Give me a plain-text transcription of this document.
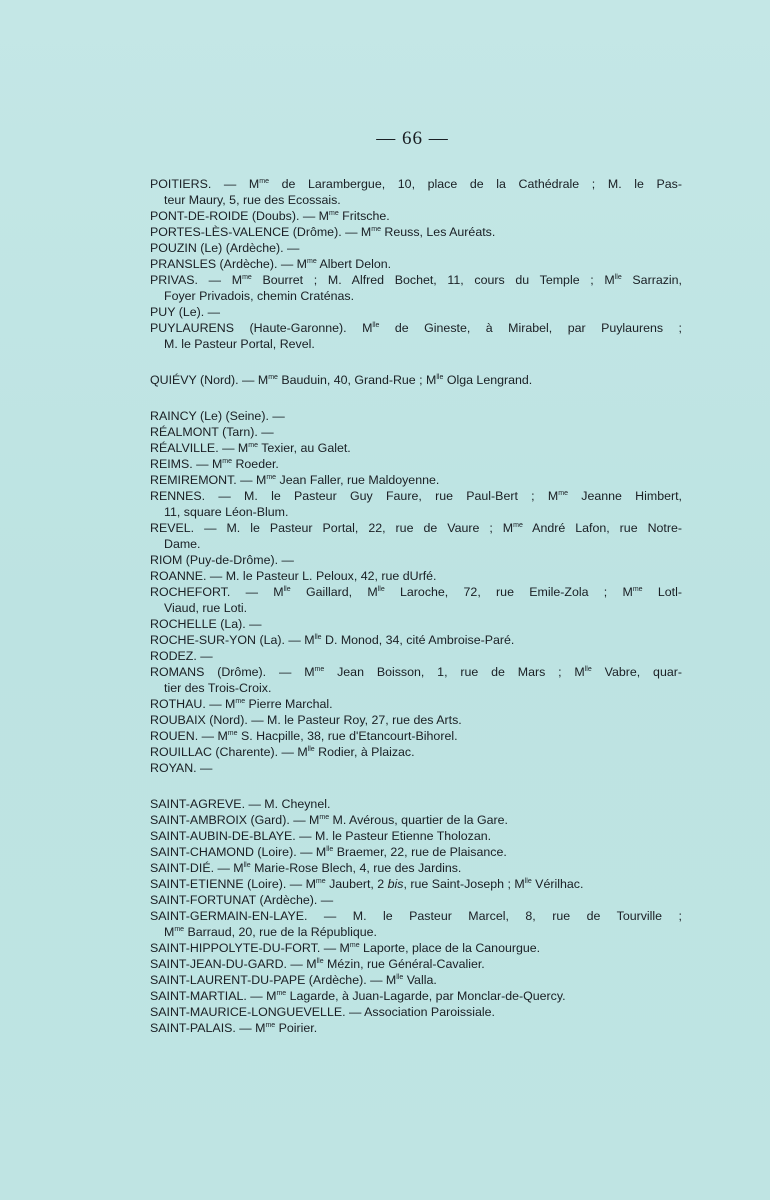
— 66 —
POITIERS. — $M^{me}$ de Larambergue, 10, place de la Cathédrale ; M. le Pas-
teur Maury, 5, rue des Ecossais.
PONT-DE-ROIDE (Doubs). — $M^{me}$ Fritsche.
PORTES-LÈS-VALENCE (Drôme). — $M^{me}$ Reuss, Les Auréats.
POUZIN (Le) (Ardèche). —
PRANSLES (Ardèche). — $M^{me}$ Albert Delon.
PRIVAS. — $M^{me}$ Bourret ; M. Alfred Bochet, 11, cours du Temple ; $M^{lle}$ Sarrazin,
Foyer Privadois, chemin Craténas.
PUY (Le). —
PUYLAURENS (Haute-Garonne). $M^{lle}$ de Gineste, à Mirabel, par Puylaurens ;
M. le Pasteur Portal, Revel.
QUIÉVY (Nord). — $M^{me}$ Bauduin, 40, Grand-Rue ; $M^{lle}$ Olga Lengrand.
RAINCY (Le) (Seine). —
RÉALMONT (Tarn). —
RÉALVILLE. — $M^{me}$ Texier, au Galet.
REIMS. — $M^{me}$ Roeder.
REMIREMONT. — $M^{me}$ Jean Faller, rue Maldoyenne.
RENNES. — M. le Pasteur Guy Faure, rue Paul-Bert ; $M^{me}$ Jeanne Himbert,
11, square Léon-Blum.
REVEL. — M. le Pasteur Portal, 22, rue de Vaure ; $M^{me}$ André Lafon, rue Notre-
Dame.
RIOM (Puy-de-Drôme). —
ROANNE. — M. le Pasteur L. Peloux, 42, rue dUrfé.
ROCHEFORT. — $M^{lle}$ Gaillard, $M^{lle}$ Laroche, 72, rue Emile-Zola ; $M^{me}$ Lotl-
Viaud, rue Loti.
ROCHELLE (La). —
ROCHE-SUR-YON (La). — $M^{lle}$ D. Monod, 34, cité Ambroise-Paré.
RODEZ. —
ROMANS (Drôme). — $M^{me}$ Jean Boisson, 1, rue de Mars ; $M^{lle}$ Vabre, quar-
tier des Trois-Croix.
ROTHAU. — $M^{me}$ Pierre Marchal.
ROUBAIX (Nord). — M. le Pasteur Roy, 27, rue des Arts.
ROUEN. — $M^{me}$ S. Hacpille, 38, rue d'Etancourt-Bihorel.
ROUILLAC (Charente). — $M^{lle}$ Rodier, à Plaizac.
ROYAN. —
SAINT-AGREVE. — M. Cheynel.
SAINT-AMBROIX (Gard). — $M^{me}$ M. Avérous, quartier de la Gare.
SAINT-AUBIN-DE-BLAYE. — M. le Pasteur Etienne Tholozan.
SAINT-CHAMOND (Loire). — $M^{lle}$ Braemer, 22, rue de Plaisance.
SAINT-DIÉ. — $M^{lle}$ Marie-Rose Blech, 4, rue des Jardins.
SAINT-ETIENNE (Loire). — $M^{me}$ Jaubert, 2 bis, rue Saint-Joseph ; $M^{lle}$ Vérilhac.
SAINT-FORTUNAT (Ardèche). —
SAINT-GERMAIN-EN-LAYE. — M. le Pasteur Marcel, 8, rue de Tourville ;
$M^{me}$ Barraud, 20, rue de la République.
SAINT-HIPPOLYTE-DU-FORT. — $M^{me}$ Laporte, place de la Canourgue.
SAINT-JEAN-DU-GARD. — $M^{lle}$ Mézin, rue Général-Cavalier.
SAINT-LAURENT-DU-PAPE (Ardèche). — $M^{lle}$ Valla.
SAINT-MARTIAL. — $M^{me}$ Lagarde, à Juan-Lagarde, par Monclar-de-Quercy.
SAINT-MAURICE-LONGUEVELLE. — Association Paroissiale.
SAINT-PALAIS. — $M^{me}$ Poirier.
